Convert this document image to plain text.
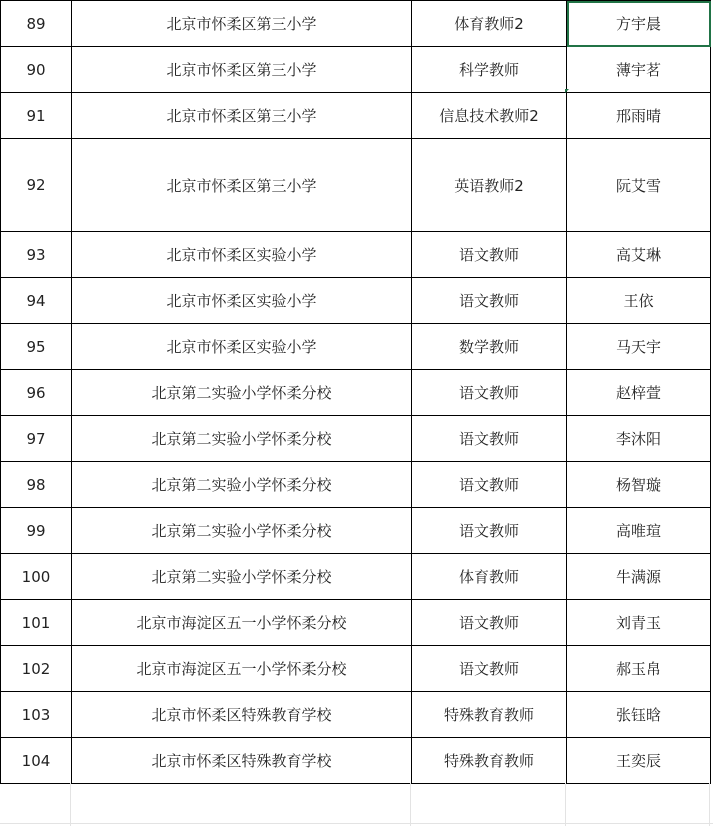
89	北京市怀柔区第三小学	体育教师2	方宇晨
90	北京市怀柔区第三小学	科学教师	薄宇茗
91	北京市怀柔区第三小学	信息技术教师2	邢雨晴
92	北京市怀柔区第三小学	英语教师2	阮艾雪
93	北京市怀柔区实验小学	语文教师	高艾琳
94	北京市怀柔区实验小学	语文教师	王依
95	北京市怀柔区实验小学	数学教师	马天宇
96	北京第二实验小学怀柔分校	语文教师	赵梓萱
97	北京第二实验小学怀柔分校	语文教师	李沐阳
98	北京第二实验小学怀柔分校	语文教师	杨智璇
99	北京第二实验小学怀柔分校	语文教师	高唯瑄
100	北京第二实验小学怀柔分校	体育教师	牛满源
101	北京市海淀区五一小学怀柔分校	语文教师	刘青玉
102	北京市海淀区五一小学怀柔分校	语文教师	郝玉帛
103	北京市怀柔区特殊教育学校	特殊教育教师	张钰晗
104	北京市怀柔区特殊教育学校	特殊教育教师	王奕辰
